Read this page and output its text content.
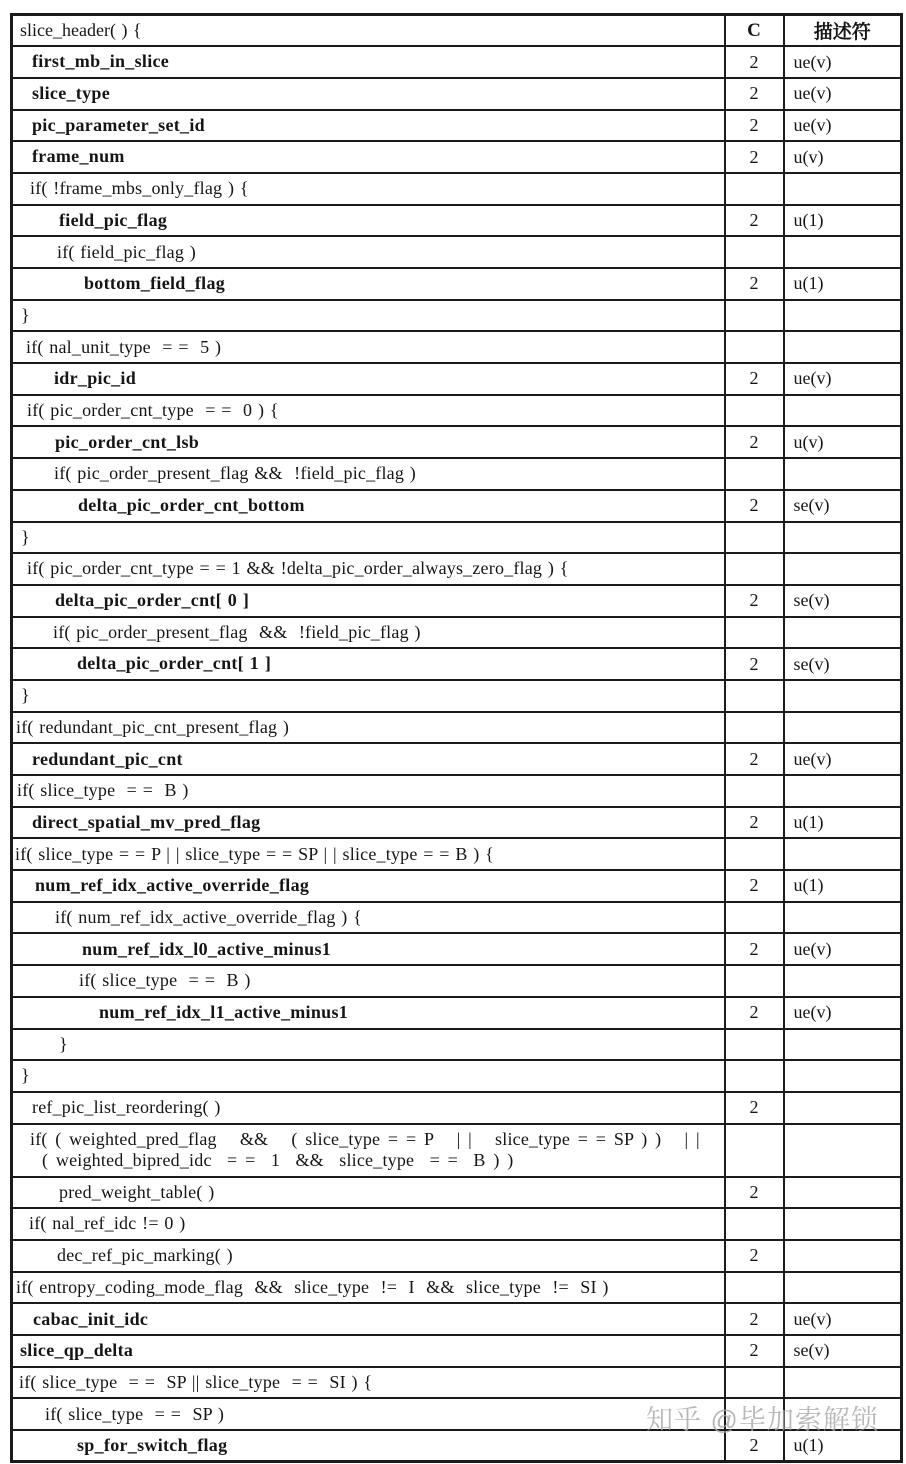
slice_header( ) {	C	描述符

first_mb_in_slice	2	ue(v)

slice_type	2	ue(v)

pic_parameter_set_id	2	ue(v)

frame_num	2	u(v)

if( !frame_mbs_only_flag ) {		

field_pic_flag	2	u(1)

if( field_pic_flag )		

bottom_field_flag	2	u(1)

}		

if( nal_unit_type  = =  5 )		

idr_pic_id	2	ue(v)

if( pic_order_cnt_type  = =  0 ) {		

pic_order_cnt_lsb	2	u(v)

if( pic_order_present_flag &&  !field_pic_flag )		

delta_pic_order_cnt_bottom	2	se(v)

}		

if( pic_order_cnt_type = = 1 && !delta_pic_order_always_zero_flag ) {		

delta_pic_order_cnt[ 0 ]	2	se(v)

if( pic_order_present_flag  &&  !field_pic_flag )		

delta_pic_order_cnt[ 1 ]	2	se(v)

}		

if( redundant_pic_cnt_present_flag )		

redundant_pic_cnt	2	ue(v)

if( slice_type  = =  B )		

direct_spatial_mv_pred_flag	2	u(1)

if( slice_type = = P | | slice_type = = SP | | slice_type = = B ) {		

num_ref_idx_active_override_flag	2	u(1)

if( num_ref_idx_active_override_flag ) {		

num_ref_idx_l0_active_minus1	2	ue(v)

if( slice_type  = =  B )		

num_ref_idx_l1_active_minus1	2	ue(v)

}		

}		

ref_pic_list_reordering( )	2	

if( ( weighted_pred_flag   &&   ( slice_type = = P   | |   slice_type = = SP ) )   | |
( weighted_bipred_idc  = =  1  &&  slice_type  = =  B ) )		

pred_weight_table( )	2	

if( nal_ref_idc != 0 )		

dec_ref_pic_marking( )	2	

if( entropy_coding_mode_flag  &&  slice_type  !=  I  &&  slice_type  !=  SI )		

cabac_init_idc	2	ue(v)

slice_qp_delta	2	se(v)

if( slice_type  = =  SP || slice_type  = =  SI ) {		

if( slice_type  = =  SP )		

sp_for_switch_flag	2	u(1)
知乎 @毕加索解锁
